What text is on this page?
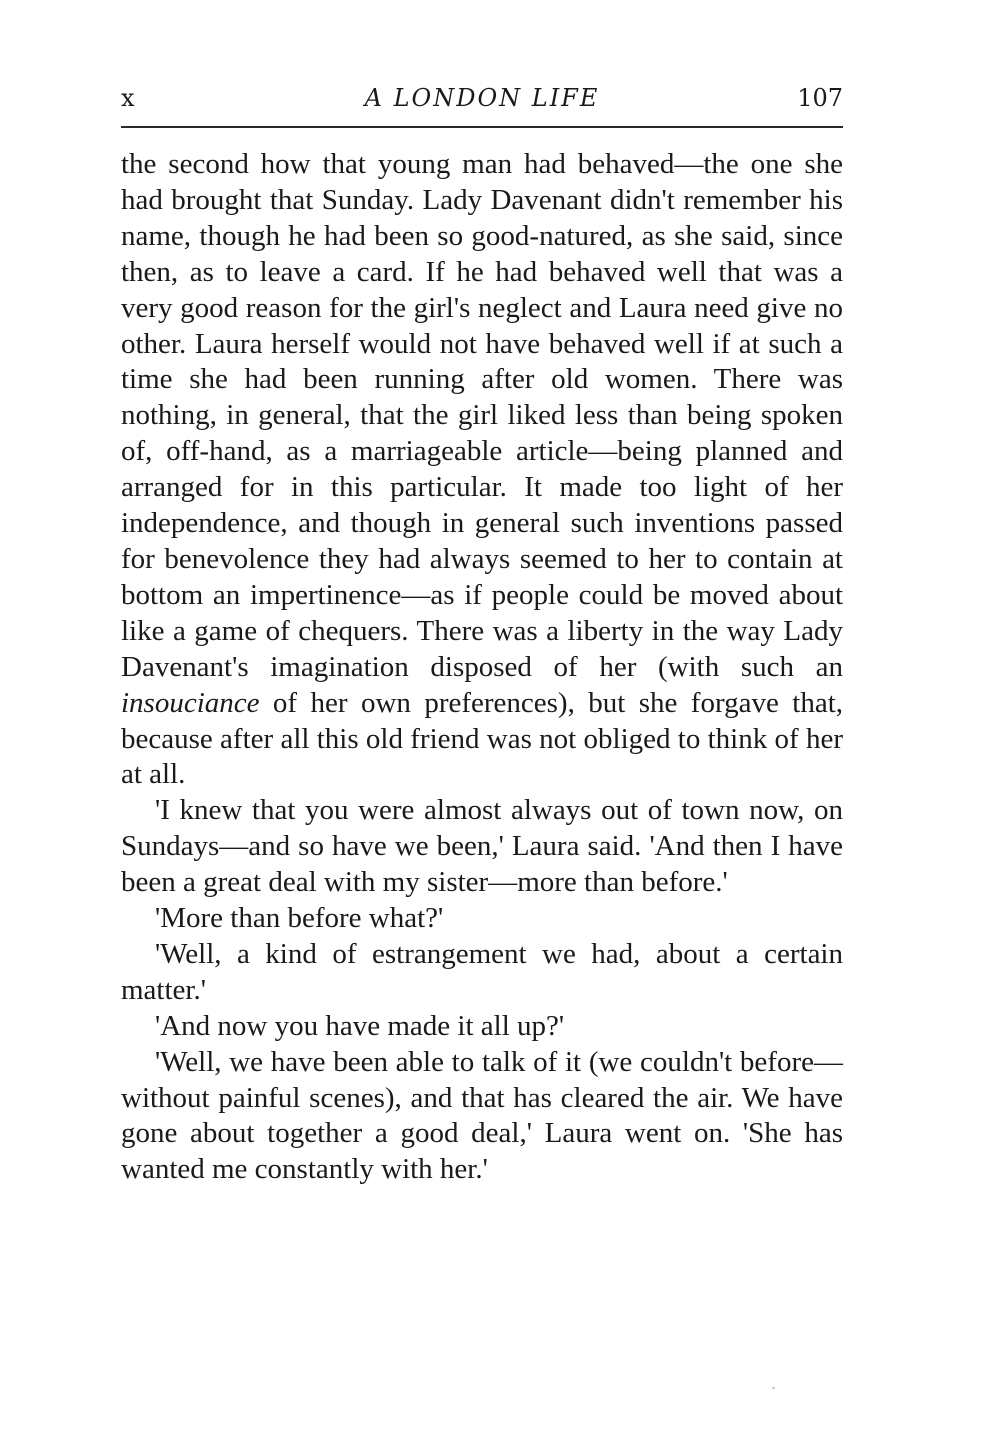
x	A LONDON LIFE	107

the second how that young man had behaved—the one she had brought that Sunday. Lady Davenant didn't remember his name, though he had been so good-natured, as she said, since then, as to leave a card. If he had behaved well that was a very good reason for the girl's neglect and Laura need give no other. Laura herself would not have behaved well if at such a time she had been running after old women. There was nothing, in general, that the girl liked less than being spoken of, off-hand, as a marriageable article—being planned and arranged for in this particular. It made too light of her independence, and though in general such inventions passed for benevolence they had always seemed to her to contain at bottom an impertinence—as if people could be moved about like a game of chequers. There was a liberty in the way Lady Davenant's imagination disposed of her (with such an insouciance of her own preferences), but she forgave that, because after all this old friend was not obliged to think of her at all.

'I knew that you were almost always out of town now, on Sundays—and so have we been,' Laura said. 'And then I have been a great deal with my sister—more than before.'

'More than before what?'

'Well, a kind of estrangement we had, about a certain matter.'

'And now you have made it all up?'

'Well, we have been able to talk of it (we couldn't before—without painful scenes), and that has cleared the air. We have gone about together a good deal,' Laura went on. 'She has wanted me constantly with her.'
